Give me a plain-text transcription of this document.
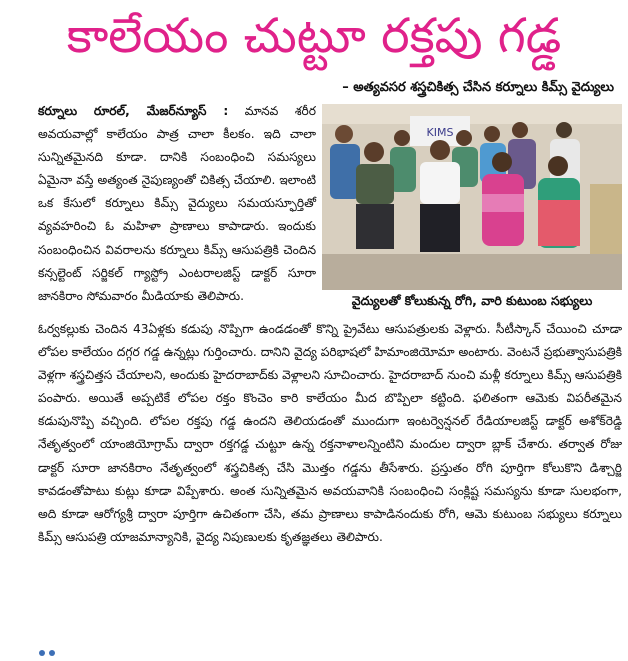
కాలేయం చుట్టూ రక్తపు గడ్డ
– అత్యవసర శస్త్రచికిత్స చేసిన కర్నూలు కిమ్స్ వైద్యులు
కర్నూలు రూరల్, మేజర్‌న్యూస్ : మానవ శరీర అవయవాల్లో కాలేయం పాత్ర చాలా కీలకం. ఇది చాలా సున్నితమైనది కూడా. దానికి సంబంధించి సమస్యలు ఏమైనా వస్తే అత్యంత నైపుణ్యంతో చికిత్స చేయాలి. ఇలాంటి ఒక కేసులో కర్నూలు కిమ్స్ వైద్యులు సమయస్ఫూర్తితో వ్యవహరించి ఓ మహిళా ప్రాణాలు కాపాడారు. ఇందుకు సంబంధించిన వివరాలను కర్నూలు కిమ్స్ ఆసుపత్రికి చెందిన కన్సల్టెంట్ సర్జికల్ గ్యాస్ట్రో ఎంటరాలజిస్ట్ డాక్టర్ సూరా జానకిరాం సోమవారం మీడియాకు తెలిపారు.
KIMS
వైద్యులతో కోలుకున్న రోగి, వారి కుటుంబ సభ్యులు

ఓర్వకల్లుకు చెందిన 43ఏళ్లకు కడుపు నొప్పిగా ఉండడంతో కొన్ని ప్రైవేటు ఆసుపత్రులకు వెళ్లారు. సీటీస్కాన్ చేయించి చూడా లోపల కాలేయం దగ్గర గడ్డ ఉన్నట్లు గుర్తించారు. దానిని వైద్య పరిభాషలో హిమాంజియోమా అంటారు. వెంటనే ప్రభుత్వాసుపత్రికి వెళ్లగా శస్త్రచిత్తస చేయాలని, అందుకు హైదరాబాద్‌కు వెళ్లాలని సూచించారు. హైదరాబాద్ నుంచి మళ్లీ కర్నూలు కిమ్స్ ఆసుపత్రికి పంపారు. అయితే అప్పటికే లోపల రక్తం కొంచెం కారి కాలేయం మీద బొప్పిలా కట్టింది. ఫలితంగా ఆమెకు విపరీతమైన కడుపునొప్పి వచ్చింది. లోపల రక్తపు గడ్డ ఉందని తెలియడంతో ముందుగా ఇంటర్వెన్షనల్ రేడియాలజిస్ట్ డాక్టర్ అశోక్‌రెడ్డి నేతృత్వంలో యాంజియోగ్రామ్ ద్వారా రక్తగడ్డ చుట్టూ ఉన్న రక్తనాళాలన్నింటిని మందుల ద్వారా బ్లాక్ చేశారు. తర్వాత రోజు డాక్టర్ సూరా జానకిరాం నేతృత్వంలో శస్త్రచికిత్స చేసి మొత్తం గడ్డను తీసేశారు. ప్రస్తుతం రోగి పూర్తిగా కోలుకొని డిశ్చార్జి కావడంతోపాటు కుట్లు కూడా విప్పేశారు. అంత సున్నితమైన అవయవానికి సంబంధించి సంక్లిష్ట సమస్యను కూడా సులభంగా, అది కూడా ఆరోగ్యశ్రీ ద్వారా పూర్తిగా ఉచితంగా చేసి, తమ ప్రాణాలు కాపాడినందుకు రోగి, ఆమె కుటుంబ సభ్యులు కర్నూలు కిమ్స్ ఆసుపత్రి యాజమాన్యానికి, వైద్య నిపుణులకు కృతజ్ఞతలు తెలిపారు.
